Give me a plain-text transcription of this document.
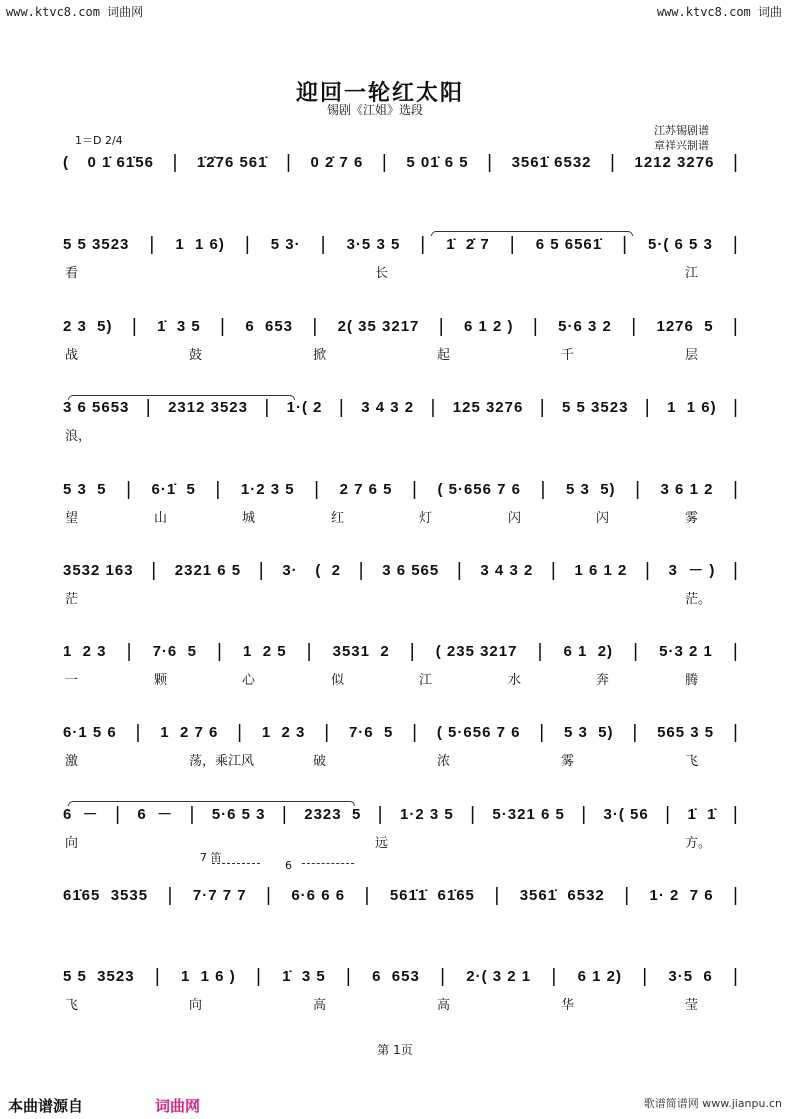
www.ktvc8.com 词曲网	www.ktvc8.com 词曲
迎回一轮红太阳
锡剧《江姐》选段
江苏锡剧谱
章祥兴制谱
1＝D 2/4
( 0 1̇ 61̇56 | 1̇2̇76 561̇ | 0 2̇ 7 6 | 5 01̇ 6 5 | 3561̇ 6532 | 1212 3276 |
5 5 3523 | 1  1 6) | 5 3· | 3·5 3 5 | 1̇  2̇ 7 | 6 5 6561̇ | 5·( 6 5 3 |
2 3  5) | 1̇  3 5 | 6  653 | 2( 35 3217 | 6 1 2 ) | 5·6 3 2 | 1276  5 |
3 6 5653 | 2312 3523 | 1·( 2 | 3 4 3 2 | 125 3276 | 5 5 3523 | 1  1 6) |
5 3  5 | 6·1̇  5 | 1·2 3 5 | 2 7 6 5 | ( 5·656 7 6 | 5 3  5) | 3 6 1 2 |
3532 163 | 2321 6 5 | 3· (  2 | 3 6 565 | 3 4 3 2 | 1 6 1 2 | 3  － ) |
1  2 3 | 7·6  5 | 1  2 5 | 3531  2 | ( 235 3217 | 6 1  2) | 5·3 2 1 |
6·1 5 6 | 1  2 7 6 | 1  2 3 | 7·6  5 | ( 5·656 7 6 | 5 3  5) | 565 3 5 |
6  － | 6  － | 5·6 5 3 | 2323  5 | 1·2 3 5 | 5·321 6 5 | 3·( 56 | 1̇  1̇ |
61̇65  3535 | 7·7 7 7 | 6·6 6 6 | 561̇1̇  61̇65 | 3561̇  6532 | 1· 2  7 6 |
5 5  3523 | 1  1 6 ) | 1̇  3 5 | 6  653 | 2·( 3 2 1 | 6 1 2) | 3·5  6 |
看	长	江
战	鼓	掀	起	千	层
浪，
望	山	城	红	灯	闪	闪	雾
茫	茫。
一	颗	心	似	江	水	奔	腾
激	荡，乘江风	破	浓	雾	飞
向	远	方。
飞	向	高	高	华	莹
7 笛
6
第 1页
本曲谱源自	词曲网	歌谱简谱网 www.jianpu.cn
